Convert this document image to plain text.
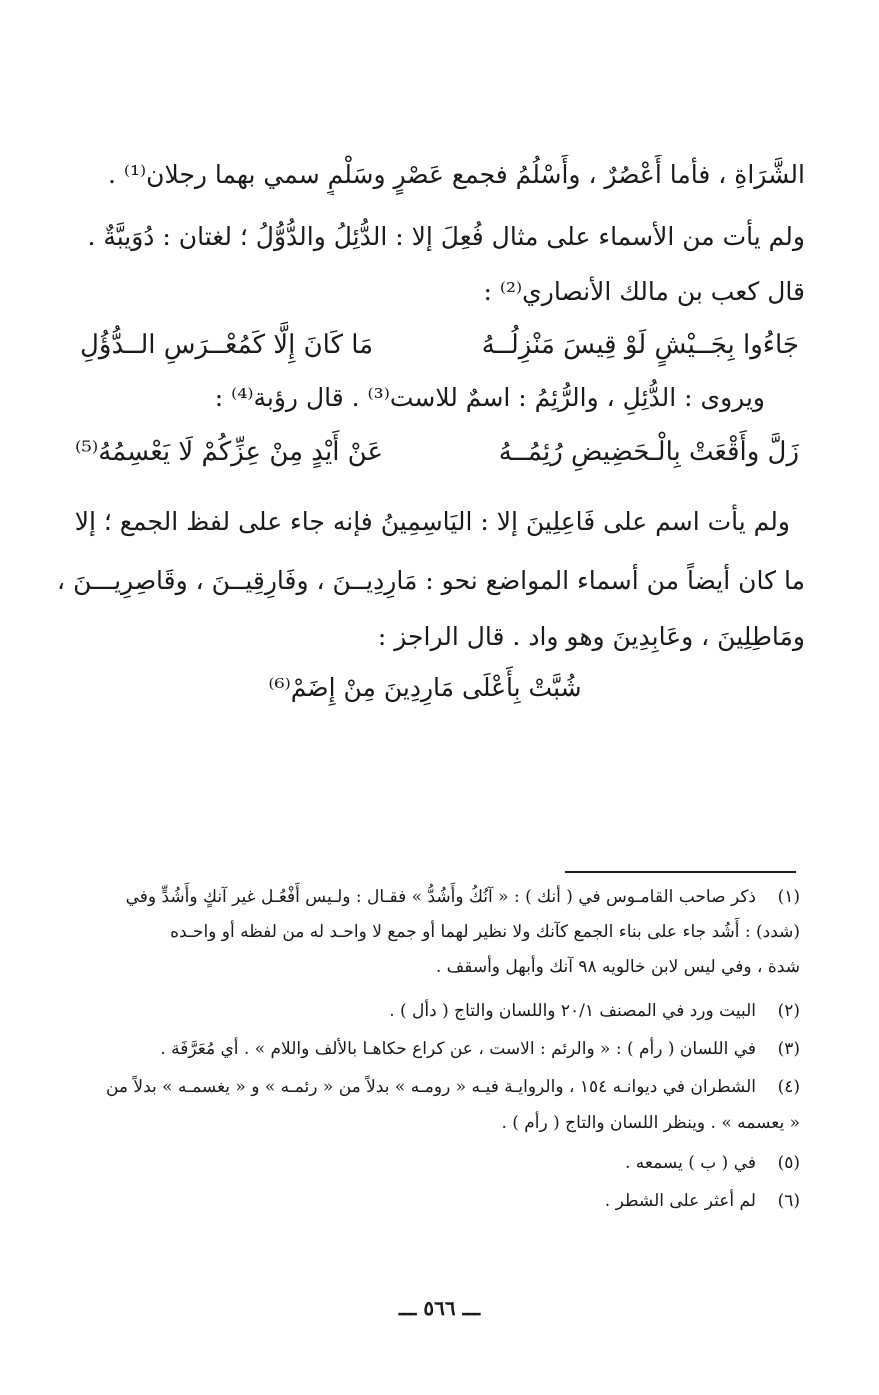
الشَّرَاةِ ، فأما أَعْصُرٌ ، وأَسْلُمُ فجمع عَصْرٍ وسَلْمٍ سمي بهما رجلان⁽¹⁾ .
ولم يأت من الأسماء على مثال فُعِلَ إلا : الدُّئِلُ والدُّوُّلُ ؛ لغتان : دُوَيبَّةٌ .
قال كعب بن مالك الأنصاري⁽²⁾ :
جَاءُوا بِجَــيْشٍ لَوْ قِيسَ مَنْزِلُــهُ
مَا كَانَ إِلَّا كَمُعْــرَسِ الــدُّؤُلِ
ويروى : الدُّئِلِ ، والرُّئِمُ : اسمٌ للاست⁽³⁾ . قال رؤبة⁽⁴⁾ :
زَلَّ وأَقْعَتْ بِالْـحَضِيضِ رُئِمُــهُ
عَنْ أَيْدٍ مِنْ عِزِّكُمْ لَا يَعْسِمُهُ⁽⁵⁾
ولم يأت اسم على فَاعِلِينَ إلا : اليَاسِمِينُ فإنه جاء على لفظ الجمع ؛ إلا
ما كان أيضاً من أسماء المواضع نحو : مَارِدِيــنَ ، وفَارِقِيــنَ ، وقَاصِرِيـــنَ ،
ومَاطِلِينَ ، وعَابِدِينَ وهو واد . قال الراجز :
شُبَّتْ بِأَعْلَى مَارِدِينَ مِنْ إِضَمْ⁽⁶⁾
(١)ذكر صاحب القامـوس في ( أنك ) : « آنُكُ وأَشُدُّ » فقـال : ولـيس أَفْعُـل غير آنكٍ وأَشُدٍّ وفي
(شدد) : أَشُد جاء على بناء الجمع كآنك ولا نظير لهما أو جمع لا واحـد له من لفظه أو واحـده
شدة ، وفي ليس لابن خالويه ٩٨ آنك وأبهل وأسقف .
(٢)البيت ورد في المصنف ٢٠/١ واللسان والتاج ( دأل ) .
(٣)في اللسان ( رأم ) : « والرئم : الاست ، عن كراع حكاهـا بالألف واللام » . أي مُعَرَّفَة .
(٤)الشطران في ديوانـه ١٥٤ ، والروايـة فيـه « رومـه » بدلاً من « رئمـه » و « يغسمـه » بدلاً من
« يعسمه » . وينظر اللسان والتاج ( رأم ) .
(٥)في ( ب ) يسمعه .
(٦)لم أعثر على الشطر .
ـــ ٥٦٦ ـــ
